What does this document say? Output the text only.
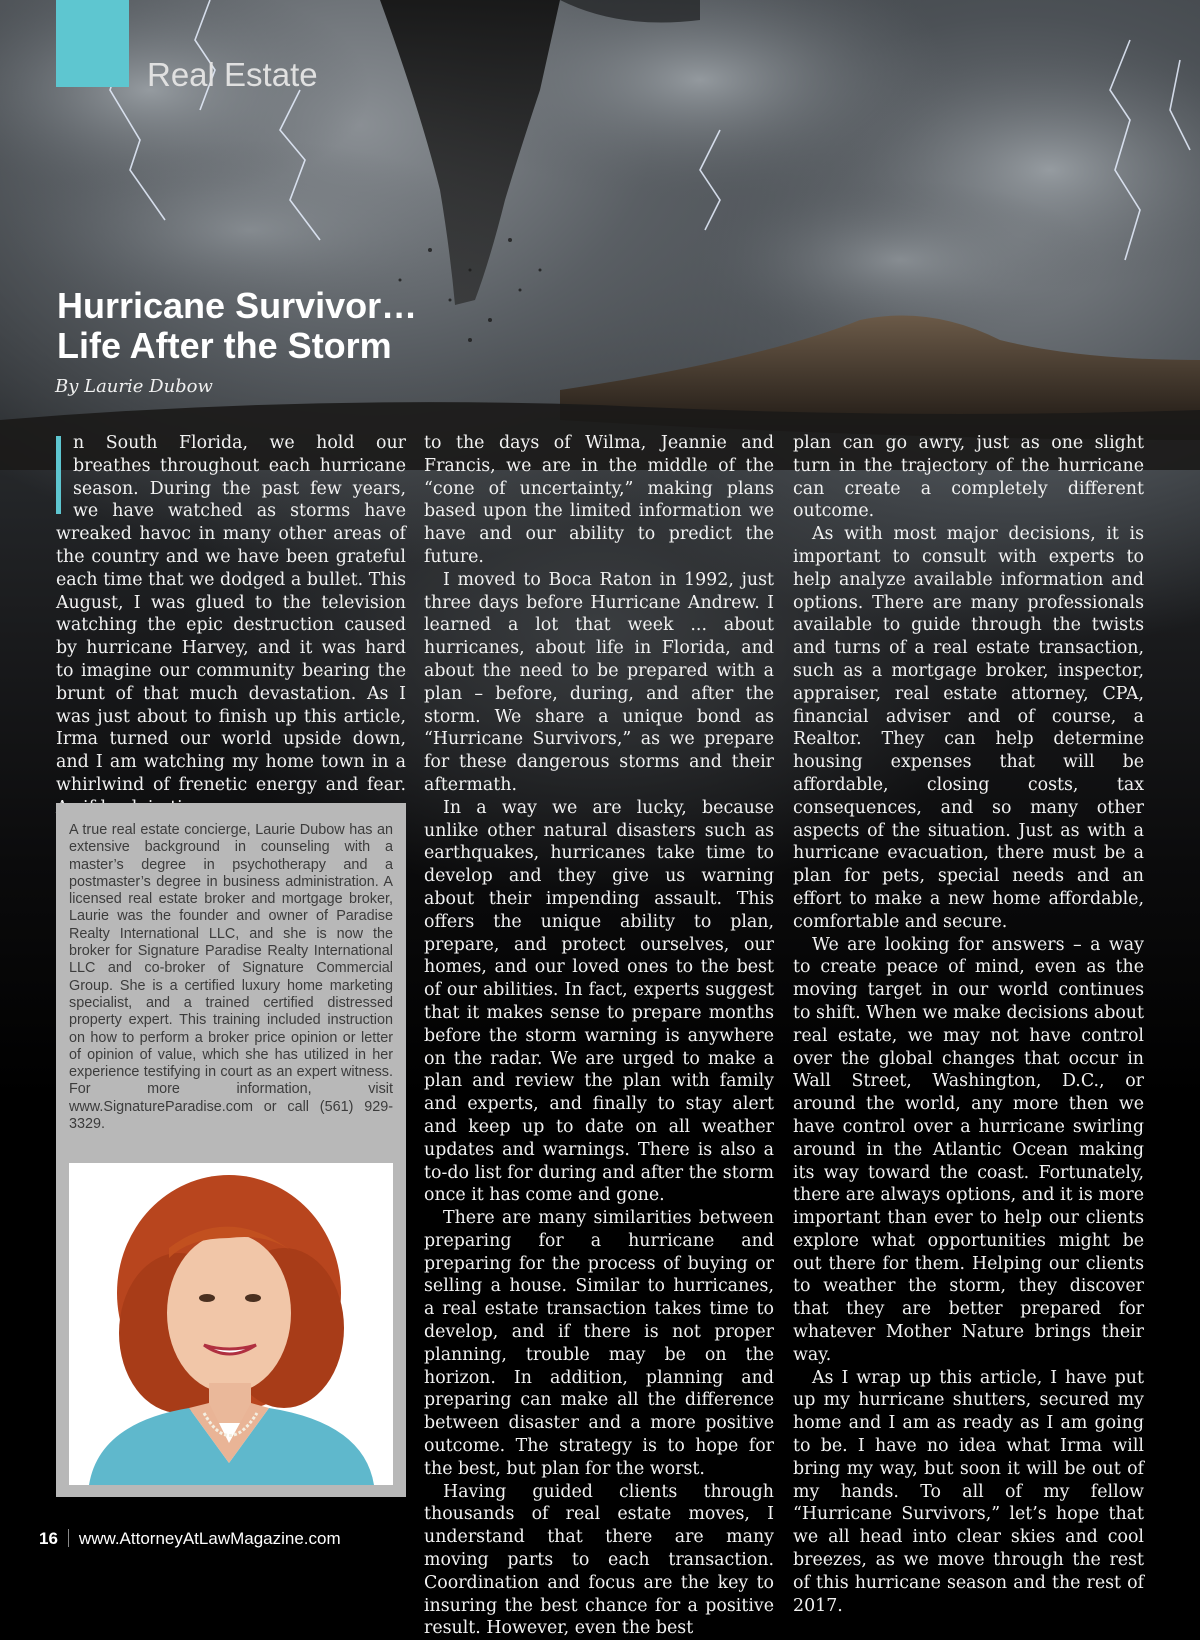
Real Estate
Hurricane Survivor…
Life After the Storm
By Laurie Dubow

n South Florida, we hold our breathes throughout each hurricane season. During the past few years, we have watched as storms have wreaked havoc in many other areas of the country and we have been grateful each time that we dodged a bullet. This August, I was glued to the television watching the epic destruction caused by hurricane Harvey, and it was hard to imagine our community bearing the brunt of that much devastation. As I was just about to finish up this article, Irma turned our world upside down, and I am watching my home town in a whirlwind of frenetic energy and fear.

A true real estate concierge, Laurie Dubow has an extensive background in counseling with a master’s degree in psychotherapy and a postmaster’s degree in business administration. A licensed real estate broker and mortgage broker, Laurie was the founder and owner of Paradise Realty International LLC, and she is now the broker for Signature Paradise Realty International LLC and co-broker of Signature Commercial Group. She is a certified luxury home marketing specialist, and a trained certified distressed property expert. This training included instruction on how to perform a broker price opinion or letter of opinion of value, which she has utilized in her experience testifying in court as an expert witness. For more information, visit www.SignatureParadise.com or call (561) 929-3329.

to the days of Wilma, Jeannie and Francis, we are in the middle of the “cone of uncertainty,” making plans based upon the limited information we have and our ability to predict the future.

I moved to Boca Raton in 1992, just three days before Hurricane Andrew. I learned a lot that week ... about hurricanes, about life in Florida, and about the need to be prepared with a plan – before, during, and after the storm. We share a unique bond as “Hurricane Survivors,” as we prepare for these dangerous storms and their aftermath.

In a way we are lucky, because unlike other natural disasters such as earthquakes, hurricanes take time to develop and they give us warning about their impending assault. This offers the unique ability to plan, prepare, and protect ourselves, our homes, and our loved ones to the best of our abilities. In fact, experts suggest that it makes sense to prepare months before the storm warning is anywhere on the radar. We are urged to make a plan and review the plan with family and experts, and finally to stay alert and keep up to date on all weather updates and warnings. There is also a to-do list for during and after the storm once it has come and gone.

There are many similarities between preparing for a hurricane and preparing for the process of buying or selling a house. Similar to hurricanes, a real estate transaction takes time to develop, and if there is not proper planning, trouble may be on the horizon. In addition, planning and preparing can make all the difference between disaster and a more positive outcome. The strategy is to hope for the best, but plan for the worst.

Having guided clients through thousands of real estate moves, I understand that there are many moving parts to each transaction. Coordination and focus are the key to insuring the best chance for a positive result. However, even the best

plan can go awry, just as one slight turn in the trajectory of the hurricane can create a completely different outcome.

As with most major decisions, it is important to consult with experts to help analyze available information and options. There are many professionals available to guide through the twists and turns of a real estate transaction, such as a mortgage broker, inspector, appraiser, real estate attorney, CPA, financial adviser and of course, a Realtor. They can help determine housing expenses that will be affordable, closing costs, tax consequences, and so many other aspects of the situation. Just as with a hurricane evacuation, there must be a plan for pets, special needs and an effort to make a new home affordable, comfortable and secure.

We are looking for answers – a way to create peace of mind, even as the moving target in our world continues to shift. When we make decisions about real estate, we may not have control over the global changes that occur in Wall Street, Washington, D.C., or around the world, any more then we have control over a hurricane swirling around in the Atlantic Ocean making its way toward the coast. Fortunately, there are always options, and it is more important than ever to help our clients explore what opportunities might be out there for them. Helping our clients to weather the storm, they discover that they are better prepared for whatever Mother Nature brings their way.

As I wrap up this article, I have put up my hurricane shutters, secured my home and I am as ready as I am going to be. I have no idea what Irma will bring my way, but soon it will be out of my hands. To all of my fellow “Hurricane Survivors,” let’s hope that we all head into clear skies and cool breezes, as we move through the rest of this hurricane season and the rest of 2017.

16 www.AttorneyAtLawMagazine.com
